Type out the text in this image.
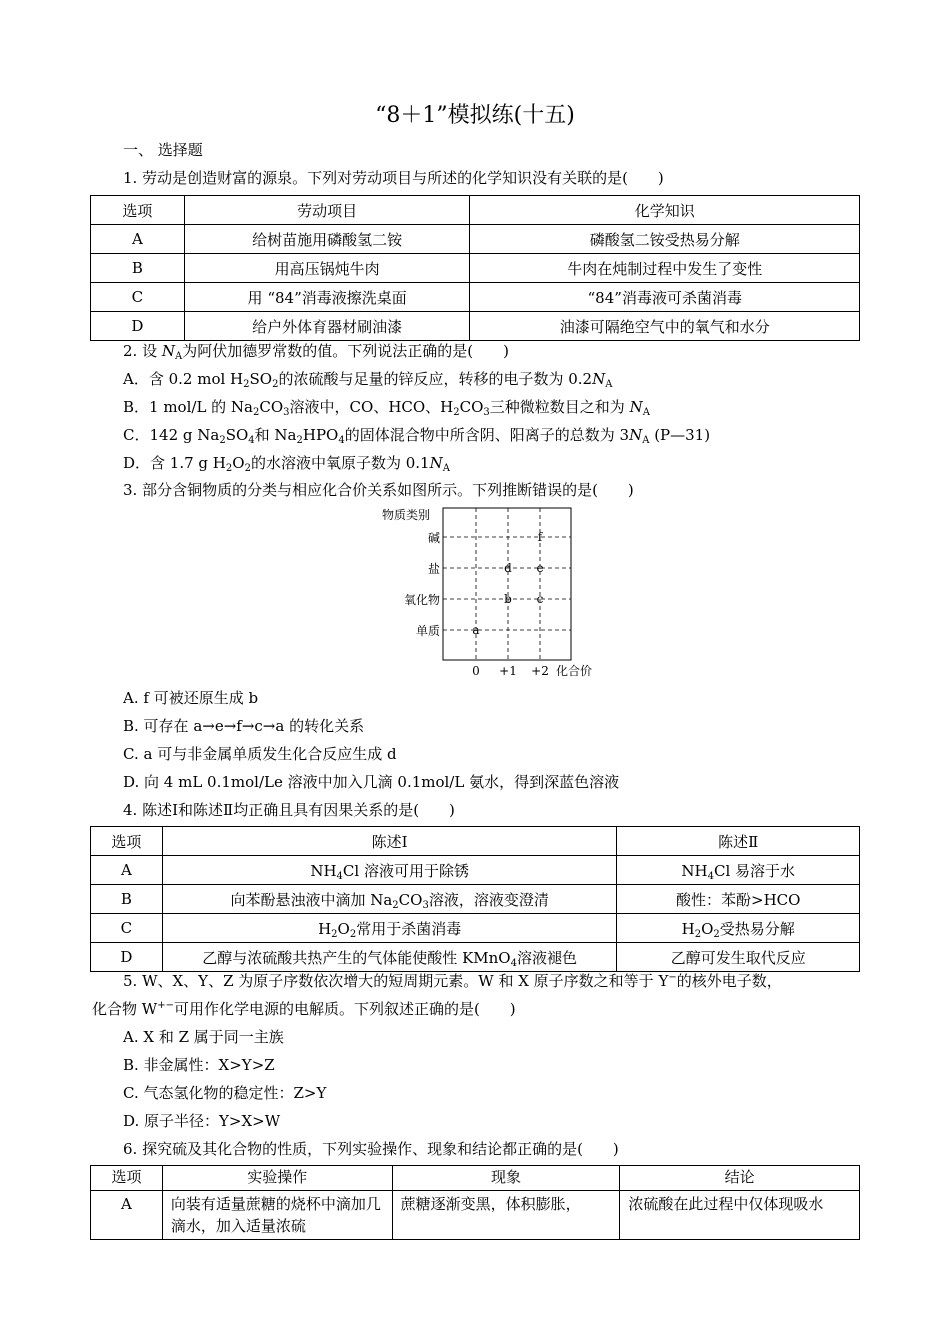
“8＋1”模拟练(十五)
一、 选择题
1. 劳动是创造财富的源泉。下列对劳动项目与所述的化学知识没有关联的是(　　)
选项	劳动项目	化学知识
A	给树苗施用磷酸氢二铵	磷酸氢二铵受热易分解
B	用高压锅炖牛肉	牛肉在炖制过程中发生了变性
C	用 “84”消毒液擦洗桌面	“84”消毒液可杀菌消毒
D	给户外体育器材刷油漆	油漆可隔绝空气中的氧气和水分
2. 设 $N_A$为阿伏加德罗常数的值。下列说法正确的是(　　)
A．含 0.2 mol $H_2SO_2$的浓硫酸与足量的锌反应，转移的电子数为 $0.2N_A$
B．1 mol/L 的 $Na_2CO_3$溶液中，CO、HCO、$H_2CO_3$三种微粒数目之和为 $N_A$
C．142 g $Na_2SO_4$和 $Na_2HPO_4$的固体混合物中所含阴、阳离子的总数为 $3N_A$ (P—31)
D．含 1.7 g $H_2O_2$的水溶液中氧原子数为 $0.1N_A$
3. 部分含铜物质的分类与相应化合价关系如图所示。下列推断错误的是(　　)
物质类别
碱
盐
氧化物
单质
0 +1 +2 化合价
a
b c
d e
f
A. f 可被还原生成 b
B. 可存在 a→e→f→c→a 的转化关系
C. a 可与非金属单质发生化合反应生成 d
D. 向 4 mL 0.1mol/Le 溶液中加入几滴 0.1mol/L 氨水，得到深蓝色溶液
4. 陈述Ⅰ和陈述Ⅱ均正确且具有因果关系的是(　　)
选项	陈述Ⅰ	陈述Ⅱ
A	$NH_4Cl$ 溶液可用于除锈	$NH_4Cl$ 易溶于水
B	向苯酚悬浊液中滴加 $Na_2CO_3$溶液，溶液变澄清	酸性：苯酚>HCO
C	$H_2O_2$常用于杀菌消毒	$H_2O_2$受热易分解
D	乙醇与浓硫酸共热产生的气体能使酸性 KMnO$_4$溶液褪色	乙醇可发生取代反应
5. W、X、Y、Z 为原子序数依次增大的短周期元素。W 和 X 原子序数之和等于 Y−的核外电子数，
化合物 W+−可用作化学电源的电解质。下列叙述正确的是(　　)
A. X 和 Z 属于同一主族
B. 非金属性：X>Y>Z
C. 气态氢化物的稳定性：Z>Y
D. 原子半径：Y>X>W
6. 探究硫及其化合物的性质，下列实验操作、现象和结论都正确的是(　　)
选项	实验操作	现象	结论
A	向装有适量蔗糖的烧杯中滴加几滴水，加入适量浓硫	蔗糖逐渐变黑，体积膨胀，	浓硫酸在此过程中仅体现吸水
